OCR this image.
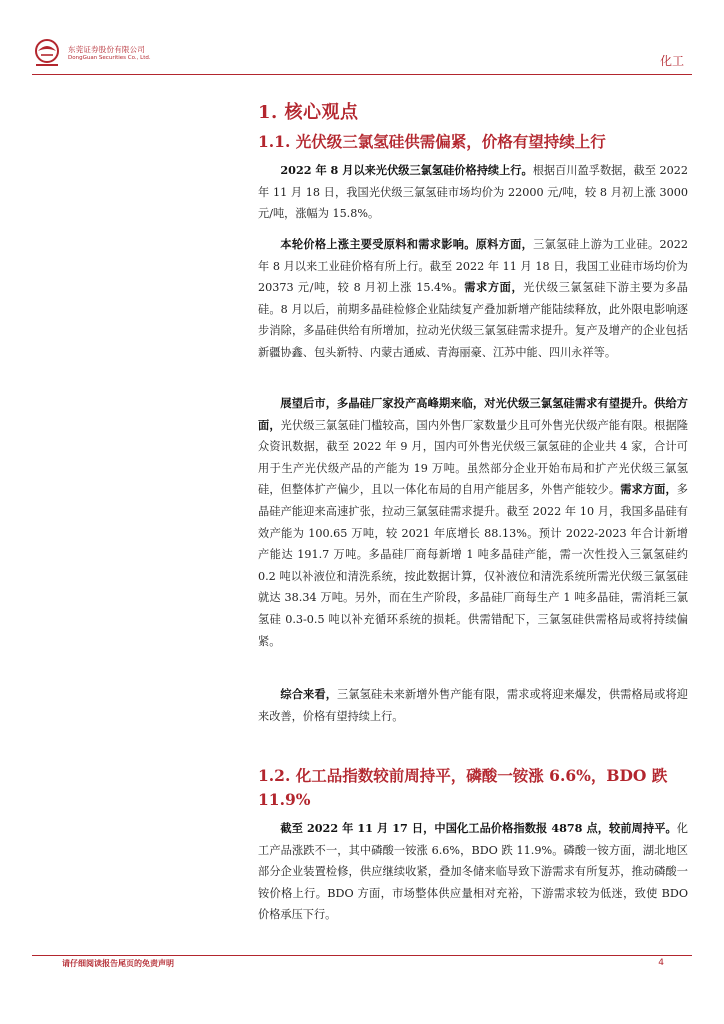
东莞证券股份有限公司
DongGuan Securities Co., Ltd.	化工
1. 核心观点
1.1. 光伏级三氯氢硅供需偏紧，价格有望持续上行
2022 年 8 月以来光伏级三氯氢硅价格持续上行。根据百川盈孚数据，截至 2022 年 11 月 18 日，我国光伏级三氯氢硅市场均价为 22000 元/吨，较 8 月初上涨 3000 元/吨，涨幅为 15.8%。
本轮价格上涨主要受原料和需求影响。原料方面，三氯氢硅上游为工业硅。2022 年 8 月以来工业硅价格有所上行。截至 2022 年 11 月 18 日，我国工业硅市场均价为 20373 元/吨，较 8 月初上涨 15.4%。需求方面，光伏级三氯氢硅下游主要为多晶硅。8 月以后，前期多晶硅检修企业陆续复产叠加新增产能陆续释放，此外限电影响逐步消除，多晶硅供给有所增加，拉动光伏级三氯氢硅需求提升。复产及增产的企业包括新疆协鑫、包头新特、内蒙古通威、青海丽豪、江苏中能、四川永祥等。
展望后市，多晶硅厂家投产高峰期来临，对光伏级三氯氢硅需求有望提升。供给方面，光伏级三氯氢硅门槛较高，国内外售厂家数量少且可外售光伏级产能有限。根据隆众资讯数据，截至 2022 年 9 月，国内可外售光伏级三氯氢硅的企业共 4 家，合计可用于生产光伏级产品的产能为 19 万吨。虽然部分企业开始布局和扩产光伏级三氯氢硅，但整体扩产偏少，且以一体化布局的自用产能居多，外售产能较少。需求方面，多晶硅产能迎来高速扩张，拉动三氯氢硅需求提升。截至 2022 年 10 月，我国多晶硅有效产能为 100.65 万吨，较 2021 年底增长 88.13%。预计 2022-2023 年合计新增产能达 191.7 万吨。多晶硅厂商每新增 1 吨多晶硅产能，需一次性投入三氯氢硅约 0.2 吨以补液位和清洗系统，按此数据计算，仅补液位和清洗系统所需光伏级三氯氢硅就达 38.34 万吨。另外，而在生产阶段，多晶硅厂商每生产 1 吨多晶硅，需消耗三氯氢硅 0.3-0.5 吨以补充循环系统的损耗。供需错配下，三氯氢硅供需格局或将持续偏紧。
综合来看，三氯氢硅未来新增外售产能有限，需求或将迎来爆发，供需格局或将迎来改善，价格有望持续上行。
1.2. 化工品指数较前周持平，磷酸一铵涨 6.6%，BDO 跌 11.9%
截至 2022 年 11 月 17 日，中国化工品价格指数报 4878 点，较前周持平。化工产品涨跌不一，其中磷酸一铵涨 6.6%，BDO 跌 11.9%。磷酸一铵方面，湖北地区部分企业装置检修，供应继续收紧，叠加冬储来临导致下游需求有所复苏，推动磷酸一铵价格上行。BDO 方面，市场整体供应量相对充裕，下游需求较为低迷，致使 BDO 价格承压下行。
请仔细阅读报告尾页的免责声明	4
